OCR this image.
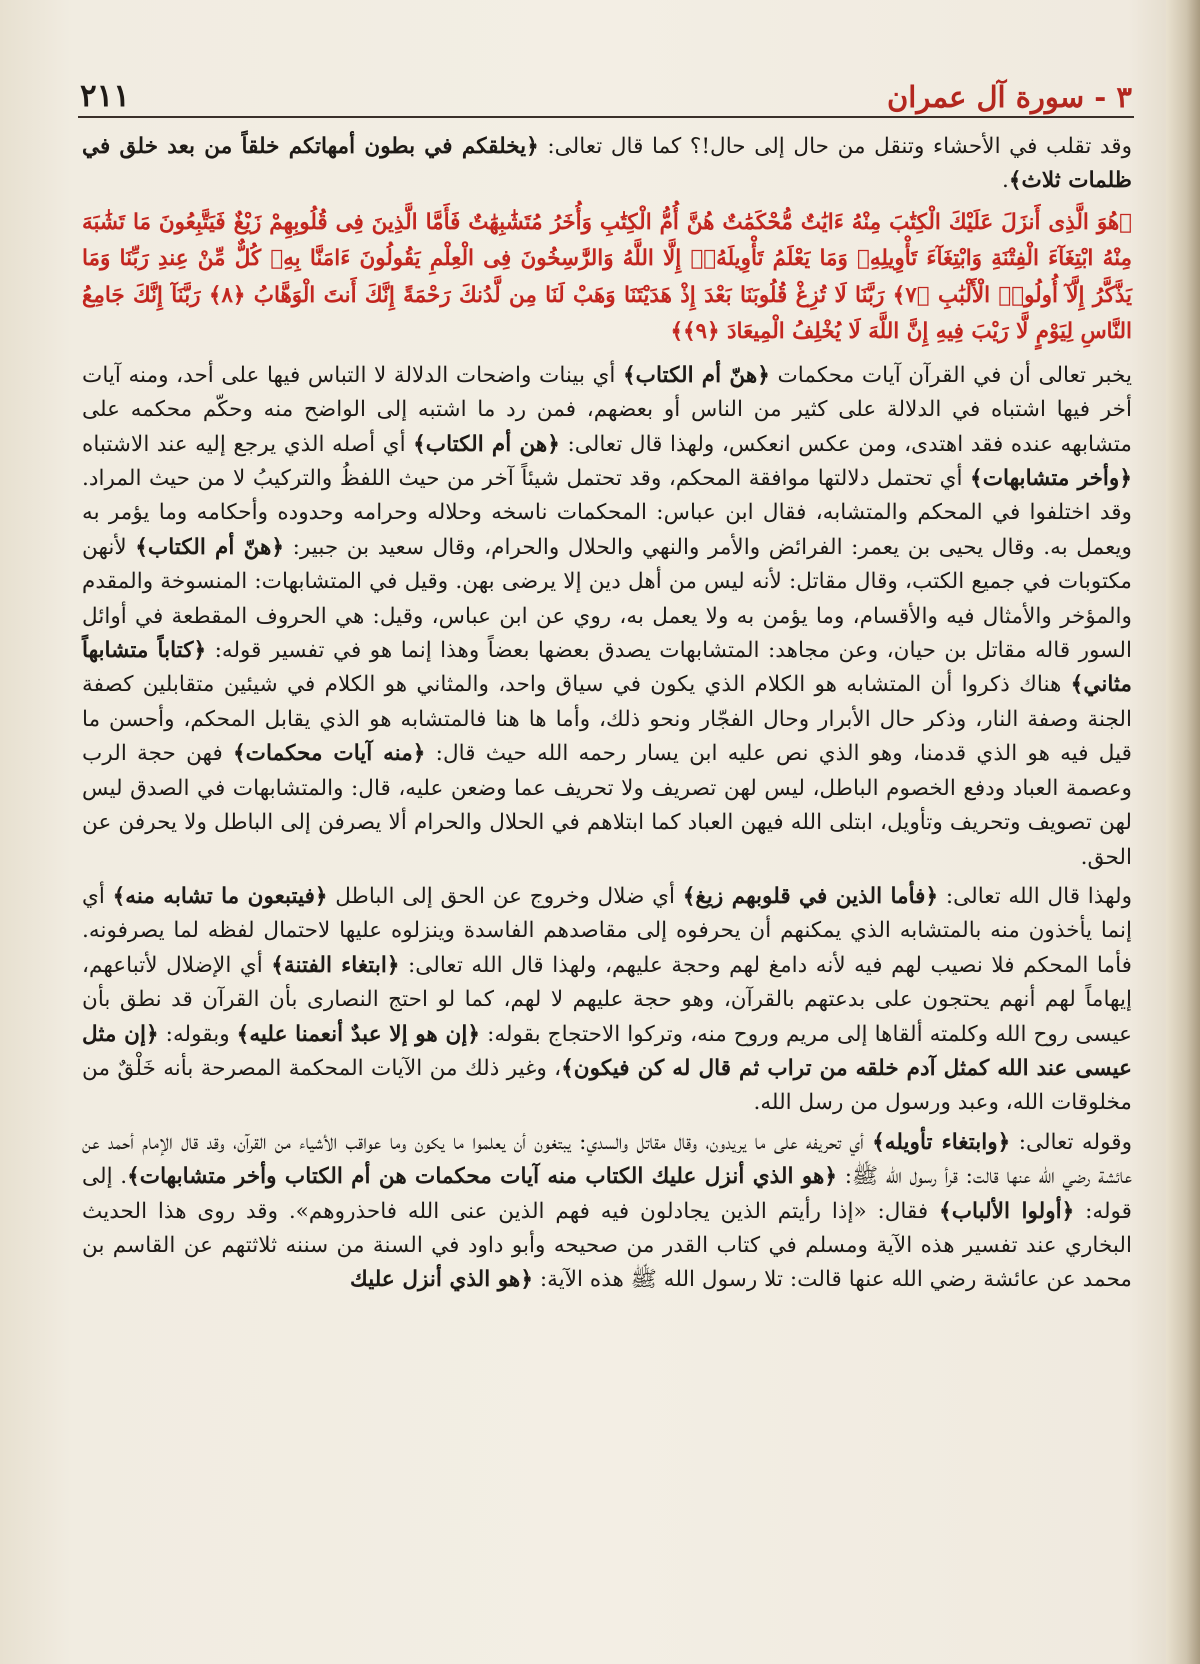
٣ - سورة آل عمران
٢١١

وقد تقلب في الأحشاء وتنقل من حال إلى حال!؟ كما قال تعالى: ﴿يخلقكم في بطون أمهاتكم خلقاً من بعد خلق في ظلمات ثلاث﴾.

﴿هُوَ الَّذِى أَنزَلَ عَلَيْكَ الْكِتَٰبَ مِنْهُ ءَايَٰتٌ مُّحْكَمَٰتٌ هُنَّ أُمُّ الْكِتَٰبِ وَأُخَرُ مُتَشَٰبِهَٰتٌ فَأَمَّا الَّذِينَ فِى قُلُوبِهِمْ زَيْغٌ فَيَتَّبِعُونَ مَا تَشَٰبَهَ مِنْهُ ابْتِغَآءَ الْفِتْنَةِ وَابْتِغَآءَ تَأْوِيلِهِۦ وَمَا يَعْلَمُ تَأْوِيلَهُۥٓ إِلَّا اللَّهُ وَالرَّٰسِخُونَ فِى الْعِلْمِ يَقُولُونَ ءَامَنَّا بِهِۦ كُلٌّ مِّنْ عِندِ رَبِّنَا وَمَا يَذَّكَّرُ إِلَّآ أُولُوا۟ الْأَلْبَٰبِ ﴿٧﴾ رَبَّنَا لَا تُزِغْ قُلُوبَنَا بَعْدَ إِذْ هَدَيْتَنَا وَهَبْ لَنَا مِن لَّدُنكَ رَحْمَةً إِنَّكَ أَنتَ الْوَهَّابُ ﴿٨﴾ رَبَّنَآ إِنَّكَ جَامِعُ النَّاسِ لِيَوْمٍ لَّا رَيْبَ فِيهِ إِنَّ اللَّهَ لَا يُخْلِفُ الْمِيعَادَ ﴿٩﴾﴾

يخبر تعالى أن في القرآن آيات محكمات ﴿هنّ أم الكتاب﴾ أي بينات واضحات الدلالة لا التباس فيها على أحد، ومنه آيات أخر فيها اشتباه في الدلالة على كثير من الناس أو بعضهم، فمن رد ما اشتبه إلى الواضح منه وحكّم محكمه على متشابهه عنده فقد اهتدى، ومن عكس انعكس، ولهذا قال تعالى: ﴿هن أم الكتاب﴾ أي أصله الذي يرجع إليه عند الاشتباه ﴿وأخر متشابهات﴾ أي تحتمل دلالتها موافقة المحكم، وقد تحتمل شيئاً آخر من حيث اللفظُ والتركيبُ لا من حيث المراد. وقد اختلفوا في المحكم والمتشابه، فقال ابن عباس: المحكمات ناسخه وحلاله وحرامه وحدوده وأحكامه وما يؤمر به ويعمل به. وقال يحيى بن يعمر: الفرائض والأمر والنهي والحلال والحرام، وقال سعيد بن جبير: ﴿هنّ أم الكتاب﴾ لأنهن مكتوبات في جميع الكتب، وقال مقاتل: لأنه ليس من أهل دين إلا يرضى بهن. وقيل في المتشابهات: المنسوخة والمقدم والمؤخر والأمثال فيه والأقسام، وما يؤمن به ولا يعمل به، روي عن ابن عباس، وقيل: هي الحروف المقطعة في أوائل السور قاله مقاتل بن حيان، وعن مجاهد: المتشابهات يصدق بعضها بعضاً وهذا إنما هو في تفسير قوله: ﴿كتاباً متشابهاً مثاني﴾ هناك ذكروا أن المتشابه هو الكلام الذي يكون في سياق واحد، والمثاني هو الكلام في شيئين متقابلين كصفة الجنة وصفة النار، وذكر حال الأبرار وحال الفجّار ونحو ذلك، وأما ها هنا فالمتشابه هو الذي يقابل المحكم، وأحسن ما قيل فيه هو الذي قدمنا، وهو الذي نص عليه ابن يسار رحمه الله حيث قال: ﴿منه آيات محكمات﴾ فهن حجة الرب وعصمة العباد ودفع الخصوم الباطل، ليس لهن تصريف ولا تحريف عما وضعن عليه، قال: والمتشابهات في الصدق ليس لهن تصويف وتحريف وتأويل، ابتلى الله فيهن العباد كما ابتلاهم في الحلال والحرام ألا يصرفن إلى الباطل ولا يحرفن عن الحق.

ولهذا قال الله تعالى: ﴿فأما الذين في قلوبهم زيغ﴾ أي ضلال وخروج عن الحق إلى الباطل ﴿فيتبعون ما تشابه منه﴾ أي إنما يأخذون منه بالمتشابه الذي يمكنهم أن يحرفوه إلى مقاصدهم الفاسدة وينزلوه عليها لاحتمال لفظه لما يصرفونه. فأما المحكم فلا نصيب لهم فيه لأنه دامغ لهم وحجة عليهم، ولهذا قال الله تعالى: ﴿ابتغاء الفتنة﴾ أي الإضلال لأتباعهم، إيهاماً لهم أنهم يحتجون على بدعتهم بالقرآن، وهو حجة عليهم لا لهم، كما لو احتج النصارى بأن القرآن قد نطق بأن عيسى روح الله وكلمته ألقاها إلى مريم وروح منه، وتركوا الاحتجاج بقوله: ﴿إن هو إلا عبدٌ أنعمنا عليه﴾ وبقوله: ﴿إن مثل عيسى عند الله كمثل آدم خلقه من تراب ثم قال له كن فيكون﴾، وغير ذلك من الآيات المحكمة المصرحة بأنه خَلْقٌ من مخلوقات الله، وعبد ورسول من رسل الله.

وقوله تعالى: ﴿وابتغاء تأويله﴾ أي تحريفه على ما يريدون، وقال مقاتل والسدي: يبتغون أن يعلموا ما يكون وما عواقب الأشياء من القرآن، وقد قال الإمام أحمد عن عائشة رضي الله عنها قالت: قرأ رسول الله ﷺ: ﴿هو الذي أنزل عليك الكتاب منه آيات محكمات هن أم الكتاب وأخر متشابهات﴾. إلى قوله: ﴿أولوا الألباب﴾ فقال: «إذا رأيتم الذين يجادلون فيه فهم الذين عنى الله فاحذروهم». وقد روى هذا الحديث البخاري عند تفسير هذه الآية ومسلم في كتاب القدر من صحيحه وأبو داود في السنة من سننه ثلاثتهم عن القاسم بن محمد عن عائشة رضي الله عنها قالت: تلا رسول الله ﷺ هذه الآية: ﴿هو الذي أنزل عليك
